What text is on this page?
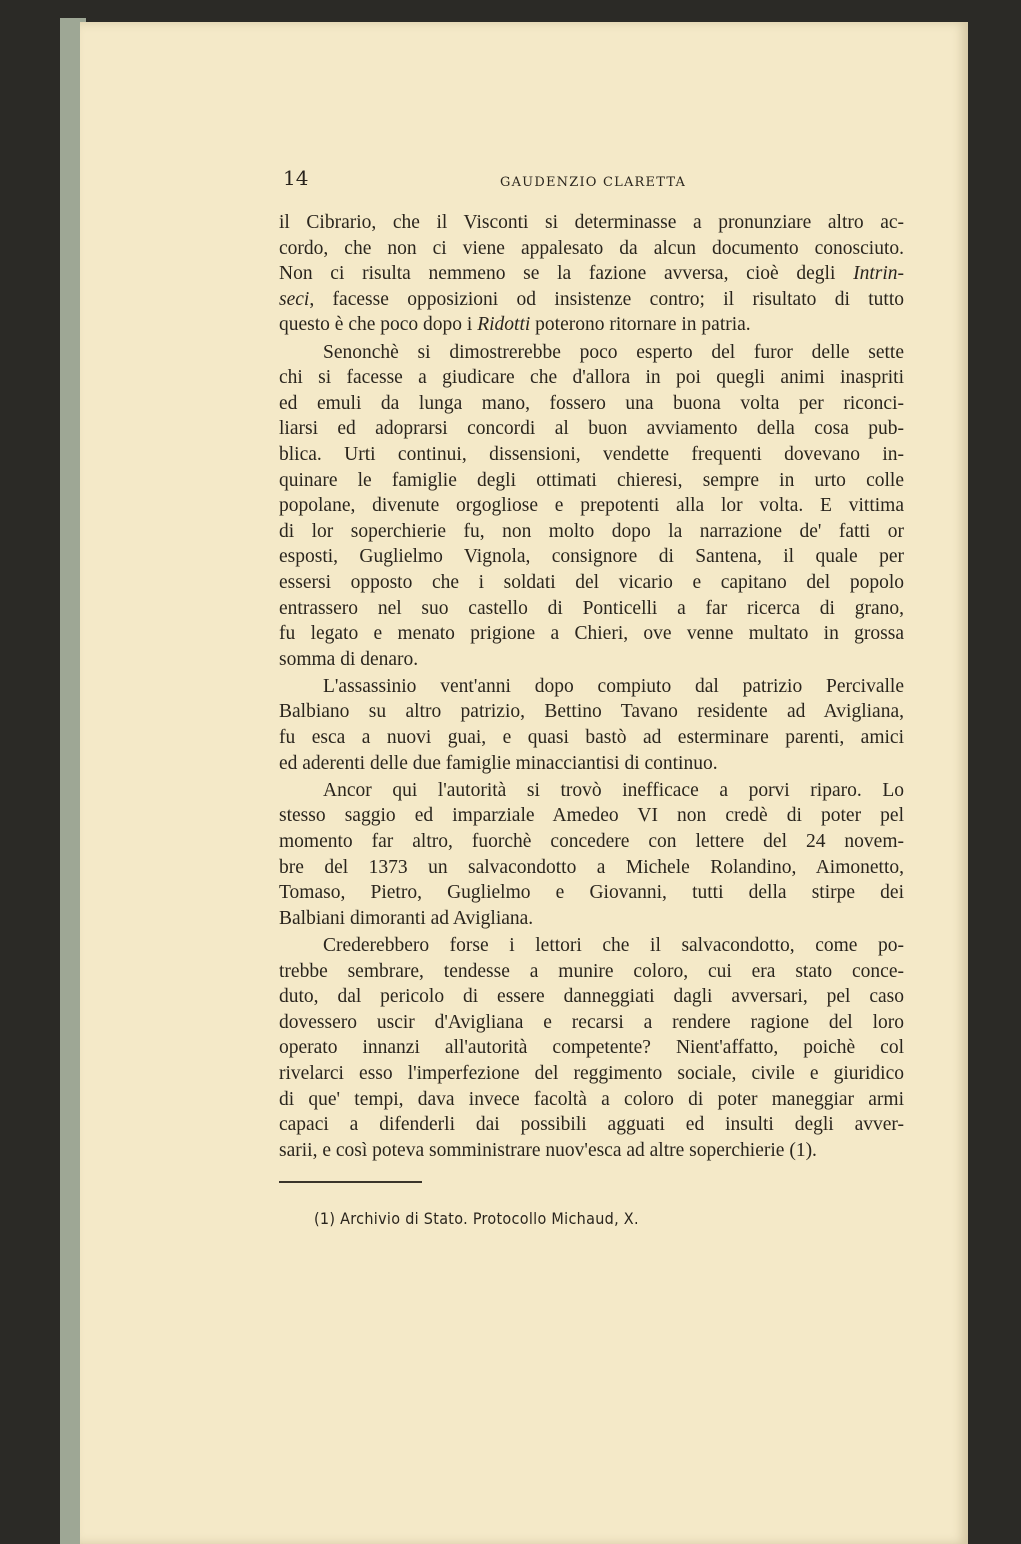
14	GAUDENZIO CLARETTA
il Cibrario, che il Visconti si determinasse a pronunziare altro ac-
cordo, che non ci viene appalesato da alcun documento conosciuto.
Non ci risulta nemmeno se la fazione avversa, cioè degli Intrin-
seci, facesse opposizioni od insistenze contro; il risultato di tutto
questo è che poco dopo i Ridotti poterono ritornare in patria.
Senonchè si dimostrerebbe poco esperto del furor delle sette
chi si facesse a giudicare che d'allora in poi quegli animi inaspriti
ed emuli da lunga mano, fossero una buona volta per riconci-
liarsi ed adoprarsi concordi al buon avviamento della cosa pub-
blica. Urti continui, dissensioni, vendette frequenti dovevano in-
quinare le famiglie degli ottimati chieresi, sempre in urto colle
popolane, divenute orgogliose e prepotenti alla lor volta. E vittima
di lor soperchierie fu, non molto dopo la narrazione de' fatti or
esposti, Guglielmo Vignola, consignore di Santena, il quale per
essersi opposto che i soldati del vicario e capitano del popolo
entrassero nel suo castello di Ponticelli a far ricerca di grano,
fu legato e menato prigione a Chieri, ove venne multato in grossa
somma di denaro.
L'assassinio vent'anni dopo compiuto dal patrizio Percivalle
Balbiano su altro patrizio, Bettino Tavano residente ad Avigliana,
fu esca a nuovi guai, e quasi bastò ad esterminare parenti, amici
ed aderenti delle due famiglie minacciantisi di continuo.
Ancor qui l'autorità si trovò inefficace a porvi riparo. Lo
stesso saggio ed imparziale Amedeo VI non credè di poter pel
momento far altro, fuorchè concedere con lettere del 24 novem-
bre del 1373 un salvacondotto a Michele Rolandino, Aimonetto,
Tomaso, Pietro, Guglielmo e Giovanni, tutti della stirpe dei
Balbiani dimoranti ad Avigliana.
Crederebbero forse i lettori che il salvacondotto, come po-
trebbe sembrare, tendesse a munire coloro, cui era stato conce-
duto, dal pericolo di essere danneggiati dagli avversari, pel caso
dovessero uscir d'Avigliana e recarsi a rendere ragione del loro
operato innanzi all'autorità competente? Nient'affatto, poichè col
rivelarci esso l'imperfezione del reggimento sociale, civile e giuridico
di que' tempi, dava invece facoltà a coloro di poter maneggiar armi
capaci a difenderli dai possibili agguati ed insulti degli avver-
sarii, e così poteva somministrare nuov'esca ad altre soperchierie (1).
(1) Archivio di Stato. Protocollo Michaud, X.
